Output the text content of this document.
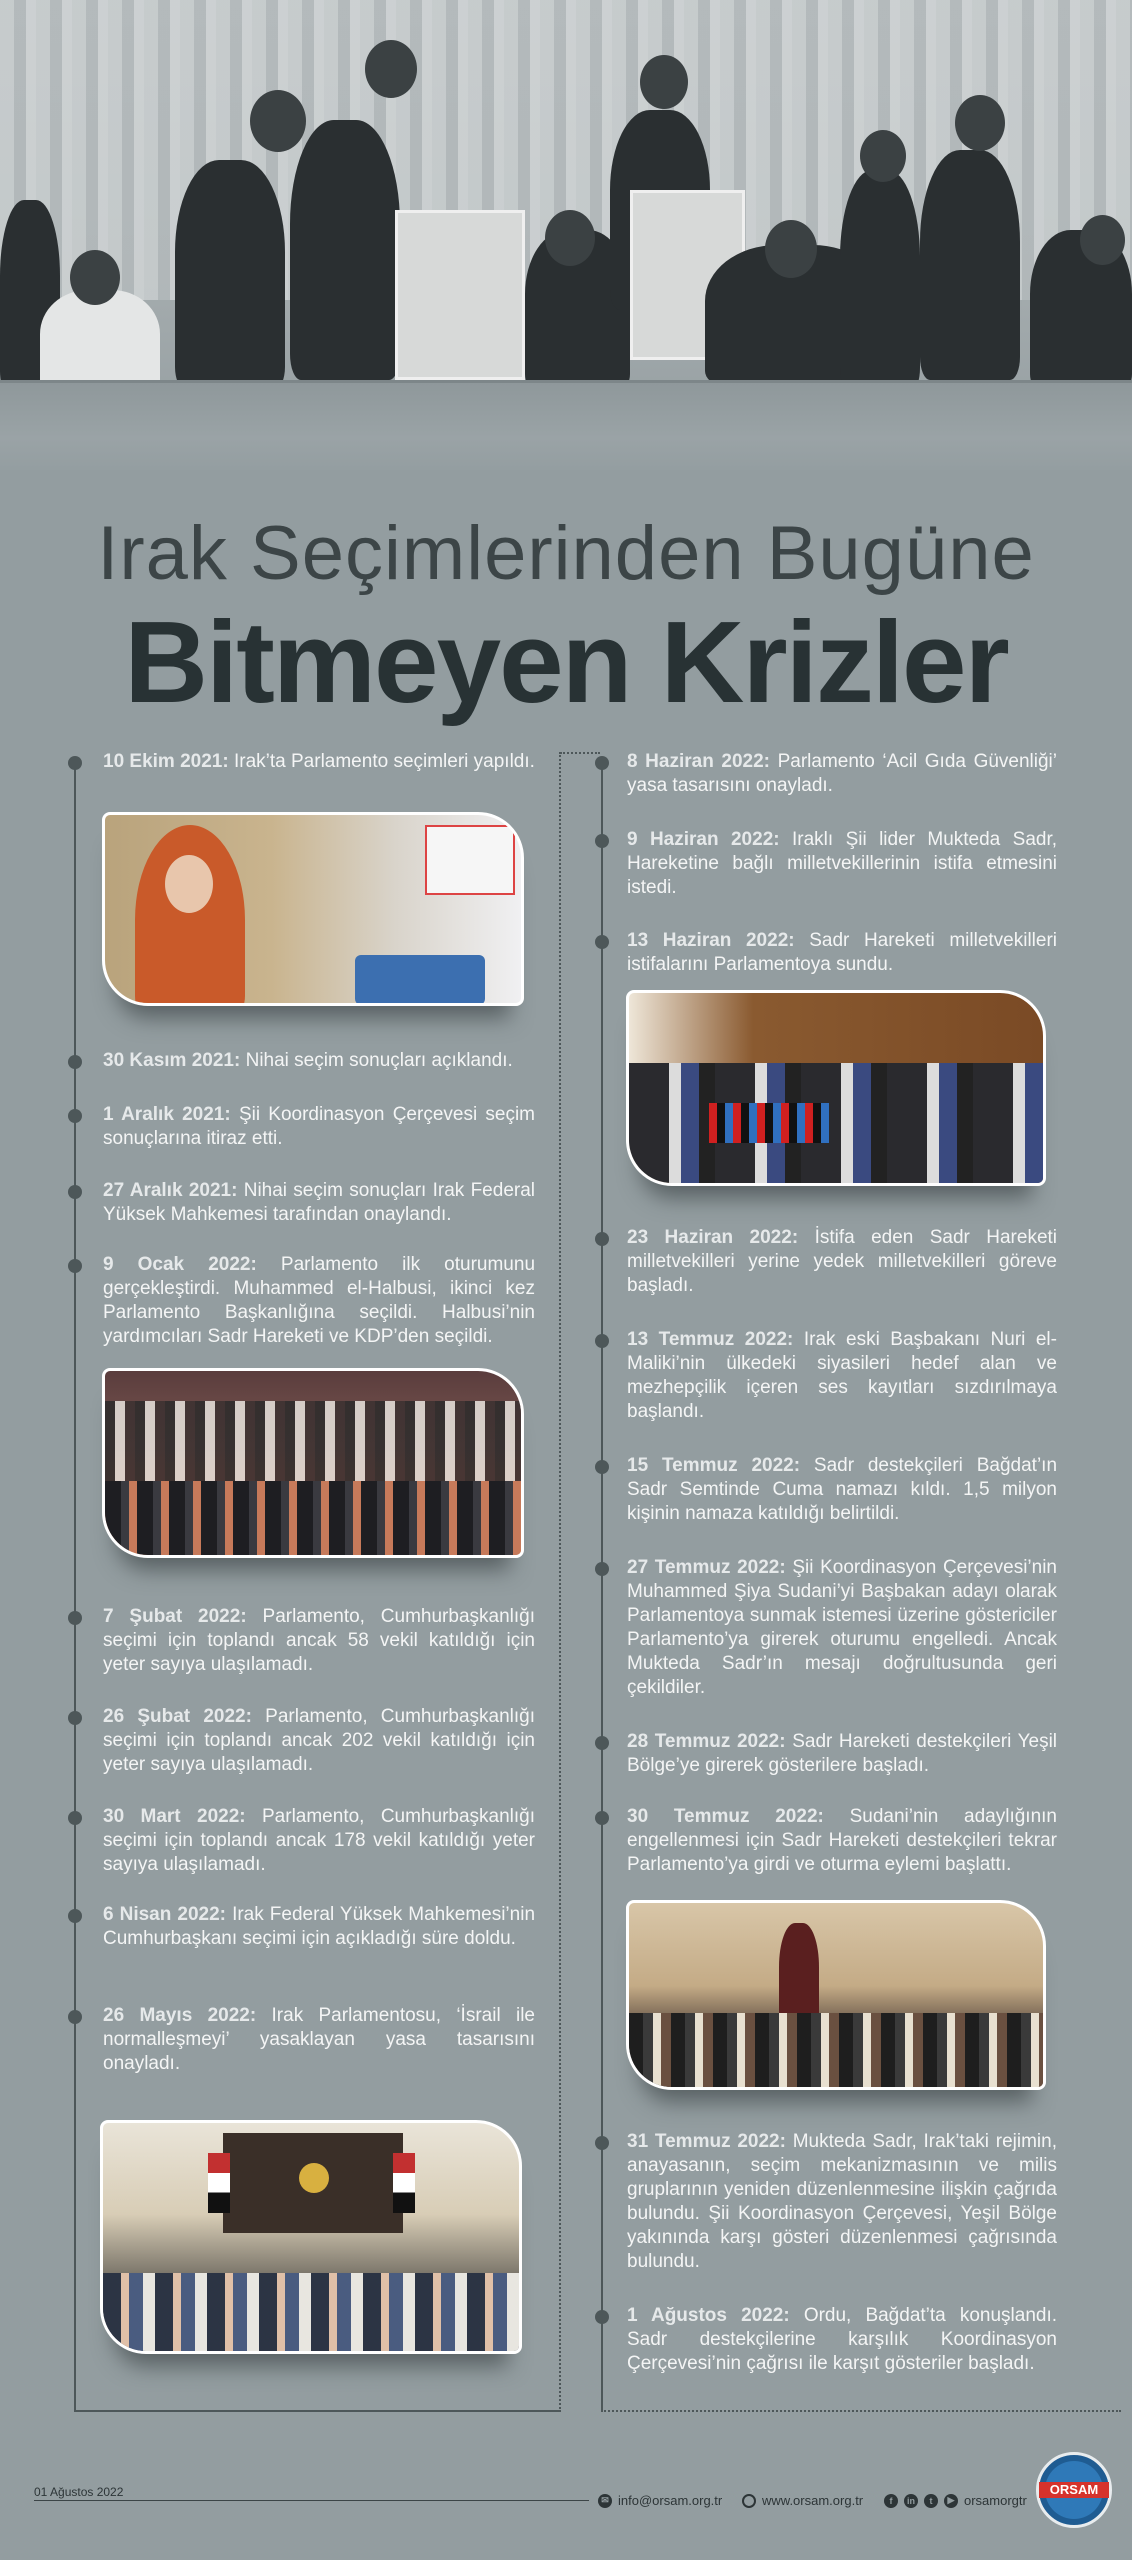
Irak Seçimlerinden Bugüne
Bitmeyen Krizler
10 Ekim 2021: Irak’ta Parlamento seçimleri yapıldı.
30 Kasım 2021: Nihai seçim sonuçları açıklandı.
1 Aralık 2021: Şii Koordinasyon Çerçevesi seçim sonuçlarına itiraz etti.
27 Aralık 2021: Nihai seçim sonuçları Irak Federal Yüksek Mahkemesi tarafından onaylandı.
9 Ocak 2022: Parlamento ilk oturumunu gerçekleştirdi. Muhammed el-Halbusi, ikinci kez Parlamento Başkanlığına seçildi. Halbusi’nin yardımcıları Sadr Hareketi ve KDP’den seçildi.
7 Şubat 2022: Parlamento, Cumhurbaşkanlığı seçimi için toplandı ancak 58 vekil katıldığı için yeter sayıya ulaşılamadı.
26 Şubat 2022: Parlamento, Cumhurbaşkanlığı seçimi için toplandı ancak 202 vekil katıldığı için yeter sayıya ulaşılamadı.
30 Mart 2022: Parlamento, Cumhurbaşkanlığı seçimi için toplandı ancak 178 vekil katıldığı yeter sayıya ulaşılamadı.
6 Nisan 2022: Irak Federal Yüksek Mahkemesi’nin Cumhurbaşkanı seçimi için açıkladığı süre doldu.
26 Mayıs 2022: Irak Parlamentosu, ‘İsrail ile normalleşmeyi’ yasaklayan yasa tasarısını onayladı.
8 Haziran 2022: Parlamento ‘Acil Gıda Güvenliği’ yasa tasarısını onayladı.
9 Haziran 2022: Iraklı Şii lider Mukteda Sadr, Hareketine bağlı milletvekillerinin istifa etmesini istedi.
13 Haziran 2022: Sadr Hareketi milletvekilleri istifalarını Parlamentoya sundu.
23 Haziran 2022: İstifa eden Sadr Hareketi milletvekilleri yerine yedek milletvekilleri göreve başladı.
13 Temmuz 2022: Irak eski Başbakanı Nuri el-Maliki’nin ülkedeki siyasileri hedef alan ve mezhepçilik içeren ses kayıtları sızdırılmaya başlandı.
15 Temmuz 2022: Sadr destekçileri Bağdat’ın Sadr Semtinde Cuma namazı kıldı. 1,5 milyon kişinin namaza katıldığı belirtildi.
27 Temmuz 2022: Şii Koordinasyon Çerçevesi’nin Muhammed Şiya Sudani’yi Başbakan adayı olarak Parlamentoya sunmak istemesi üzerine göstericiler Parlamento’ya girerek oturumu engelledi. Ancak Mukteda Sadr’ın mesajı doğrultusunda geri çekildiler.
28 Temmuz 2022: Sadr Hareketi destekçileri Yeşil Bölge’ye girerek gösterilere başladı.
30 Temmuz 2022: Sudani’nin adaylığının engellenmesi için Sadr Hareketi destekçileri tekrar Parlamento’ya girdi ve oturma eylemi başlattı.
31 Temmuz 2022: Mukteda Sadr, Irak’taki rejimin, anayasanın, seçim mekanizmasının ve milis gruplarının yeniden düzenlenmesine ilişkin çağrıda bulundu. Şii Koordinasyon Çerçevesi, Yeşil Bölge yakınında karşı gösteri düzenlenmesi çağrısında bulundu.
1 Ağustos 2022: Ordu, Bağdat’ta konuşlandı. Sadr destekçilerine karşılık Koordinasyon Çerçevesi’nin çağrısı ile karşıt gösteriler başladı.
01 Ağustos 2022
✉ info@orsam.org.tr	www.orsam.org.tr	f	in	t	▶ orsamorgtr
ORSAM
